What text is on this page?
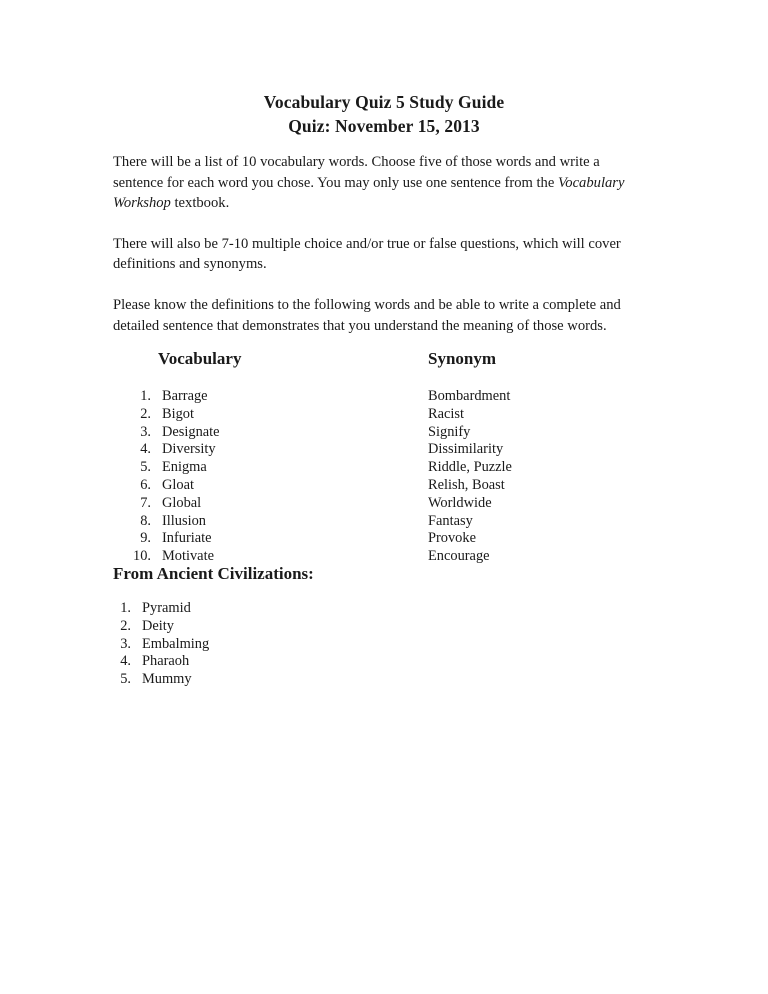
Vocabulary Quiz 5 Study Guide
Quiz: November 15, 2013

There will be a list of 10 vocabulary words. Choose five of those words and write a sentence for each word you chose. You may only use one sentence from the Vocabulary Workshop textbook.

There will also be 7-10 multiple choice and/or true or false questions, which will cover definitions and synonyms.

Please know the definitions to the following words and be able to write a complete and detailed sentence that demonstrates that you understand the meaning of those words.

Vocabulary	Synonym
1. Barrage
2. Bigot
3. Designate
4. Diversity
5. Enigma
6. Gloat
7. Global
8. Illusion
9. Infuriate
10. Motivate
Bombardment
Racist
Signify
Dissimilarity
Riddle, Puzzle
Relish, Boast
Worldwide
Fantasy
Provoke
Encourage
From Ancient Civilizations:
1. Pyramid
2. Deity
3. Embalming
4. Pharaoh
5. Mummy
